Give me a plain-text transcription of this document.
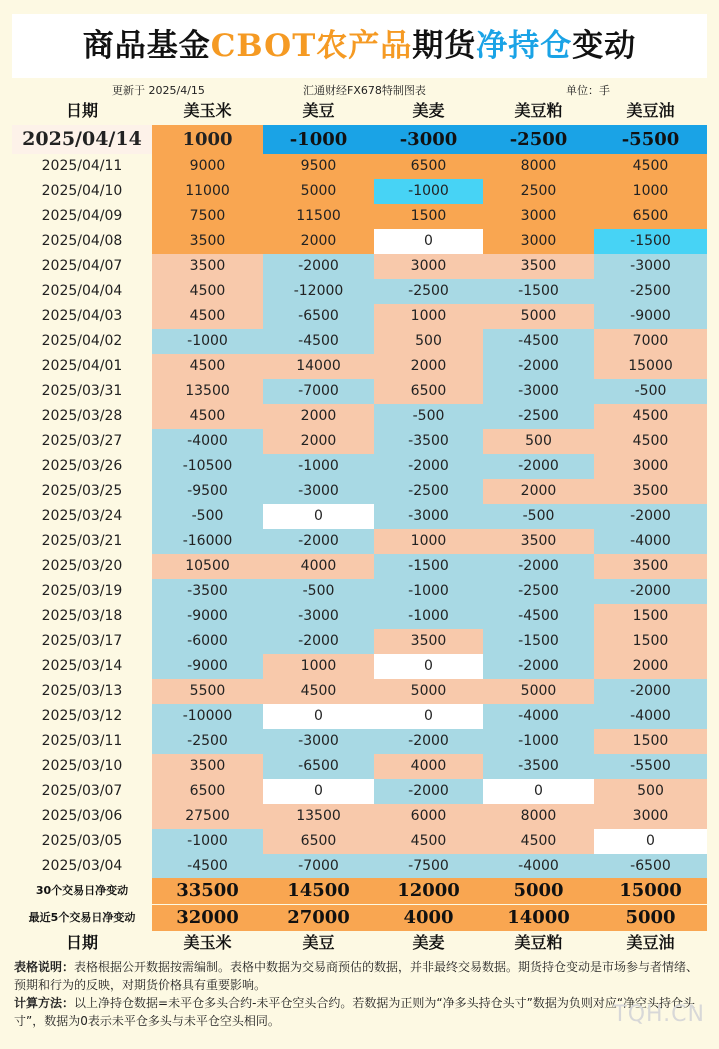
商品基金CBOT农产品期货净持仓变动
更新于 2025/4/15	汇通财经FX678特制图表	单位：手
日期	美玉米	美豆	美麦	美豆粕	美豆油
2025/04/14	1000	-1000	-3000	-2500	-5500
2025/04/11	9000	9500	6500	8000	4500
2025/04/10	11000	5000	-1000	2500	1000
2025/04/09	7500	11500	1500	3000	6500
2025/04/08	3500	2000	0	3000	-1500
2025/04/07	3500	-2000	3000	3500	-3000
2025/04/04	4500	-12000	-2500	-1500	-2500
2025/04/03	4500	-6500	1000	5000	-9000
2025/04/02	-1000	-4500	500	-4500	7000
2025/04/01	4500	14000	2000	-2000	15000
2025/03/31	13500	-7000	6500	-3000	-500
2025/03/28	4500	2000	-500	-2500	4500
2025/03/27	-4000	2000	-3500	500	4500
2025/03/26	-10500	-1000	-2000	-2000	3000
2025/03/25	-9500	-3000	-2500	2000	3500
2025/03/24	-500	0	-3000	-500	-2000
2025/03/21	-16000	-2000	1000	3500	-4000
2025/03/20	10500	4000	-1500	-2000	3500
2025/03/19	-3500	-500	-1000	-2500	-2000
2025/03/18	-9000	-3000	-1000	-4500	1500
2025/03/17	-6000	-2000	3500	-1500	1500
2025/03/14	-9000	1000	0	-2000	2000
2025/03/13	5500	4500	5000	5000	-2000
2025/03/12	-10000	0	0	-4000	-4000
2025/03/11	-2500	-3000	-2000	-1000	1500
2025/03/10	3500	-6500	4000	-3500	-5500
2025/03/07	6500	0	-2000	0	500
2025/03/06	27500	13500	6000	8000	3000
2025/03/05	-1000	6500	4500	4500	0
2025/03/04	-4500	-7000	-7500	-4000	-6500
30个交易日净变动	33500	14500	12000	5000	15000
最近5个交易日净变动	32000	27000	4000	14000	5000
日期	美玉米	美豆	美麦	美豆粕	美豆油

表格说明：表格根据公开数据按需编制。表格中数据为交易商预估的数据，并非最终交易数据。期货持仓变动是市场参与者情绪、预期和行为的反映，对期货价格具有重要影响。

计算方法：以上净持仓数据=未平仓多头合约-未平仓空头合约。若数据为正则为“净多头持仓头寸”数据为负则对应“净空头持仓头寸”，数据为0表示未平仓多头与未平仓空头相同。	TQH.CN
